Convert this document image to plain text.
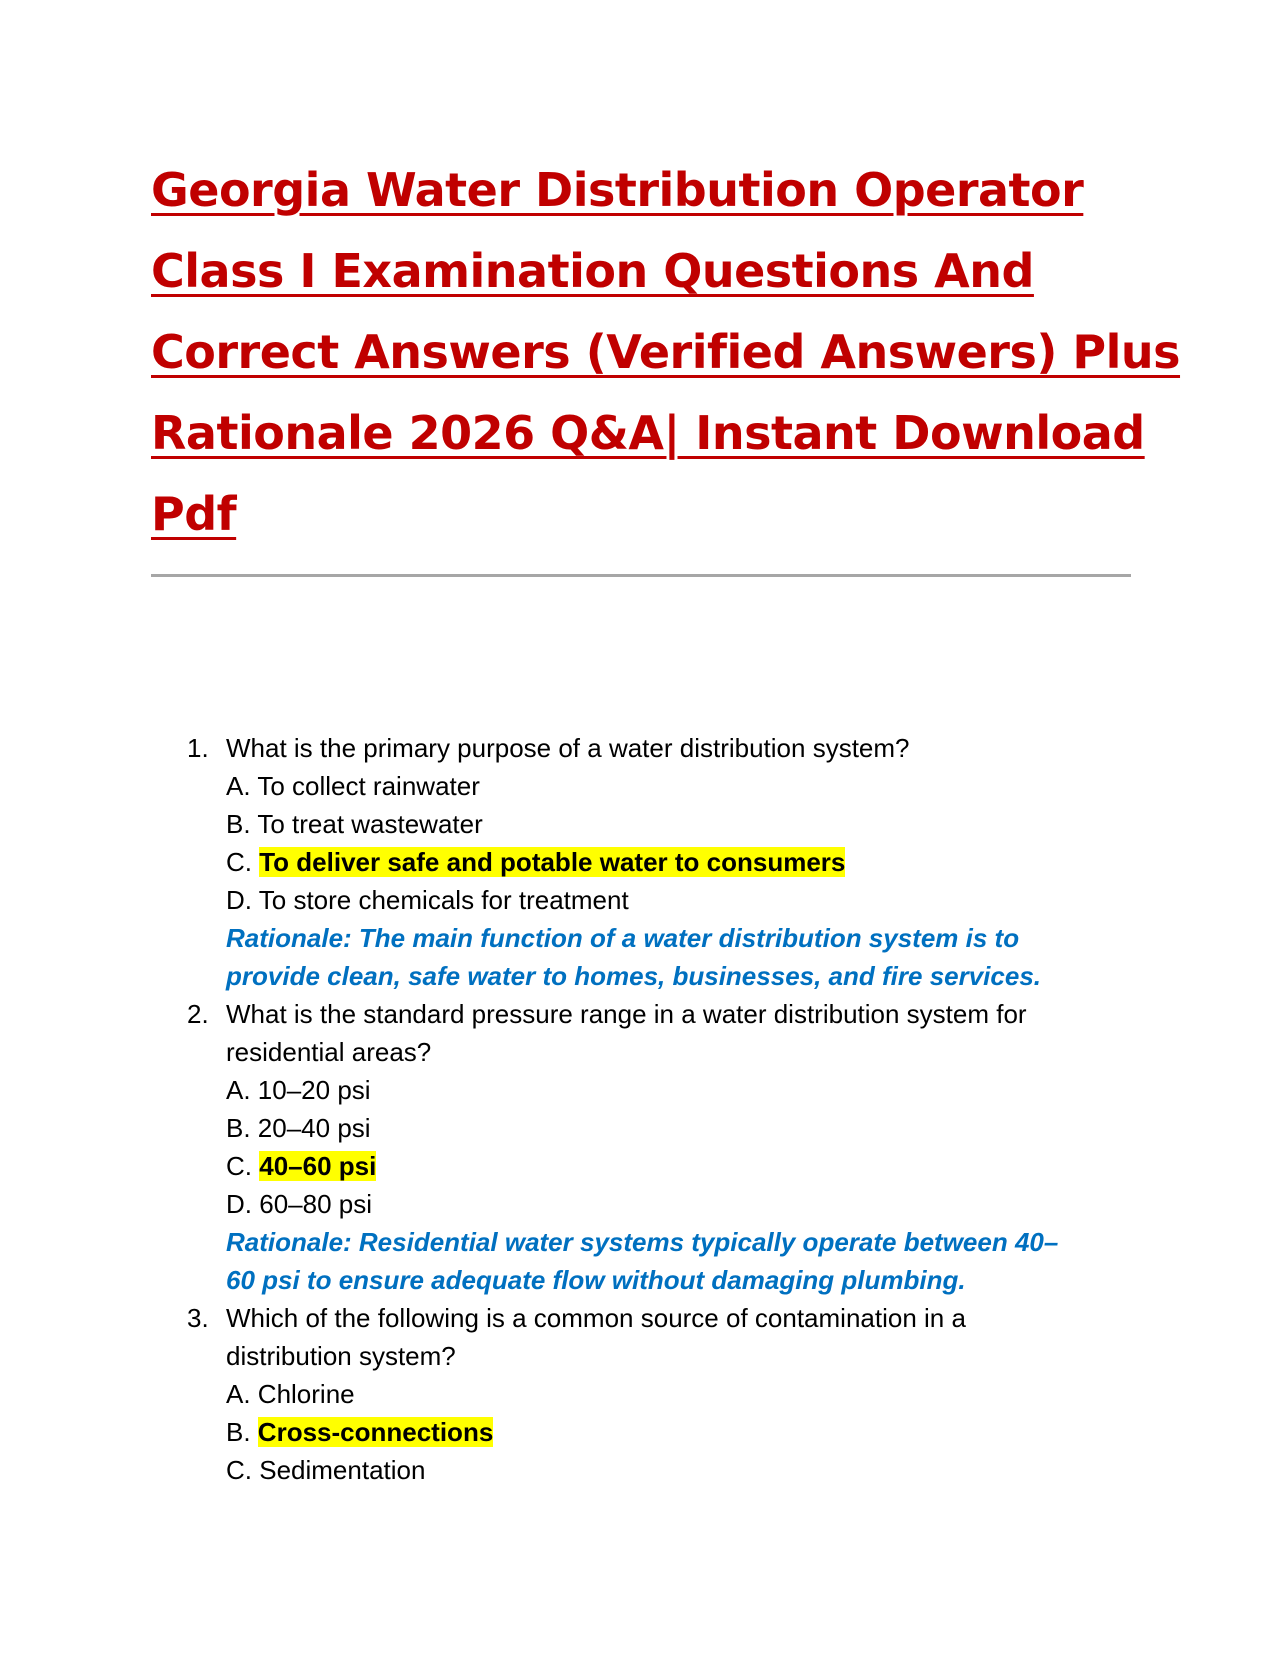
Georgia Water Distribution Operator
Class I Examination Questions And
Correct Answers (Verified Answers) Plus
Rationale 2026 Q&A| Instant Download
Pdf
1. What is the primary purpose of a water distribution system?
A. To collect rainwater
B. To treat wastewater
C. To deliver safe and potable water to consumers
D. To store chemicals for treatment
Rationale: The main function of a water distribution system is to
provide clean, safe water to homes, businesses, and fire services.
2. What is the standard pressure range in a water distribution system for
residential areas?
A. 10–20 psi
B. 20–40 psi
C. 40–60 psi
D. 60–80 psi
Rationale: Residential water systems typically operate between 40–
60 psi to ensure adequate flow without damaging plumbing.
3. Which of the following is a common source of contamination in a
distribution system?
A. Chlorine
B. Cross-connections
C. Sedimentation
